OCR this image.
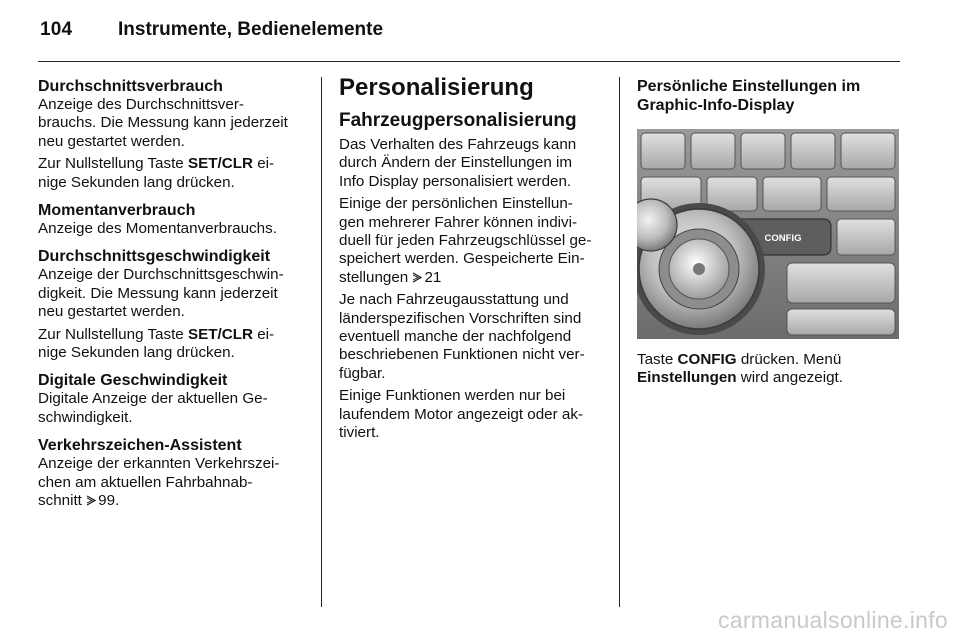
104 Instrumente, Bedienelemente
Durchschnittsverbrauch
Anzeige des Durchschnittsver-
brauchs. Die Messung kann jederzeit
neu gestartet werden.
Zur Nullstellung Taste SET/CLR ei-
nige Sekunden lang drücken.
Momentanverbrauch
Anzeige des Momentanverbrauchs.
Durchschnittsgeschwindigkeit
Anzeige der Durchschnittsgeschwin-
digkeit. Die Messung kann jederzeit
neu gestartet werden.
Zur Nullstellung Taste SET/CLR ei-
nige Sekunden lang drücken.
Digitale Geschwindigkeit
Digitale Anzeige der aktuellen Ge-
schwindigkeit.
Verkehrszeichen-Assistent
Anzeige der erkannten Verkehrszei-
chen am aktuellen Fahrbahnab-
schnitt 99.
Personalisierung
Fahrzeugpersonalisierung
Das Verhalten des Fahrzeugs kann
durch Ändern der Einstellungen im
Info Display personalisiert werden.
Einige der persönlichen Einstellun-
gen mehrerer Fahrer können indivi-
duell für jeden Fahrzeugschlüssel ge-
speichert werden. Gespeicherte Ein-
stellungen 21
Je nach Fahrzeugausstattung und
länderspezifischen Vorschriften sind
eventuell manche der nachfolgend
beschriebenen Funktionen nicht ver-
fügbar.
Einige Funktionen werden nur bei
laufendem Motor angezeigt oder ak-
tiviert.
Persönliche Einstellungen im
Graphic-Info-Display
CONFIG
Taste CONFIG drücken. Menü
Einstellungen wird angezeigt.
carmanualsonline.info
